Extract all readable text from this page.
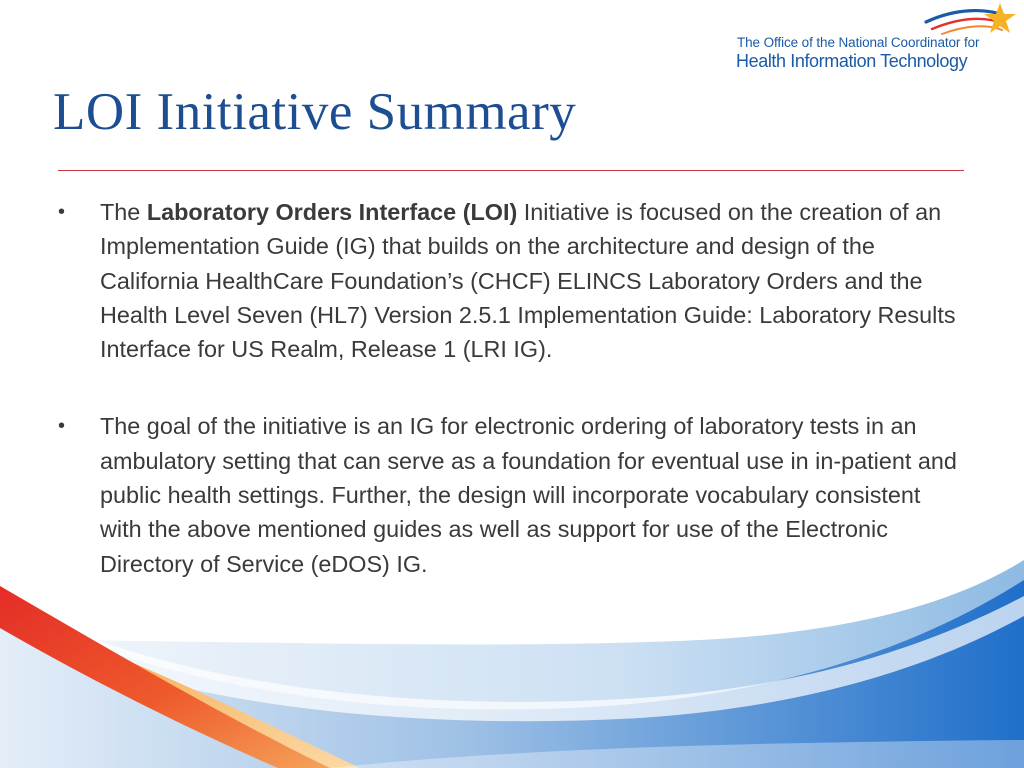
The Office of the National Coordinator for
Health Information Technology
LOI Initiative Summary
•	The Laboratory Orders Interface (LOI) Initiative is focused on the creation of an Implementation Guide (IG) that builds on the architecture and design of the California HealthCare Foundation’s (CHCF) ELINCS Laboratory Orders and the Health Level Seven (HL7) Version 2.5.1 Implementation Guide: Laboratory Results Interface for US Realm, Release 1 (LRI IG).
•	The goal of the initiative is an IG for electronic ordering of laboratory tests in an ambulatory setting that can serve as a foundation for eventual use in in-patient and public health settings. Further, the design will incorporate vocabulary consistent with the above mentioned guides as well as support for use of the Electronic Directory of Service (eDOS) IG.
